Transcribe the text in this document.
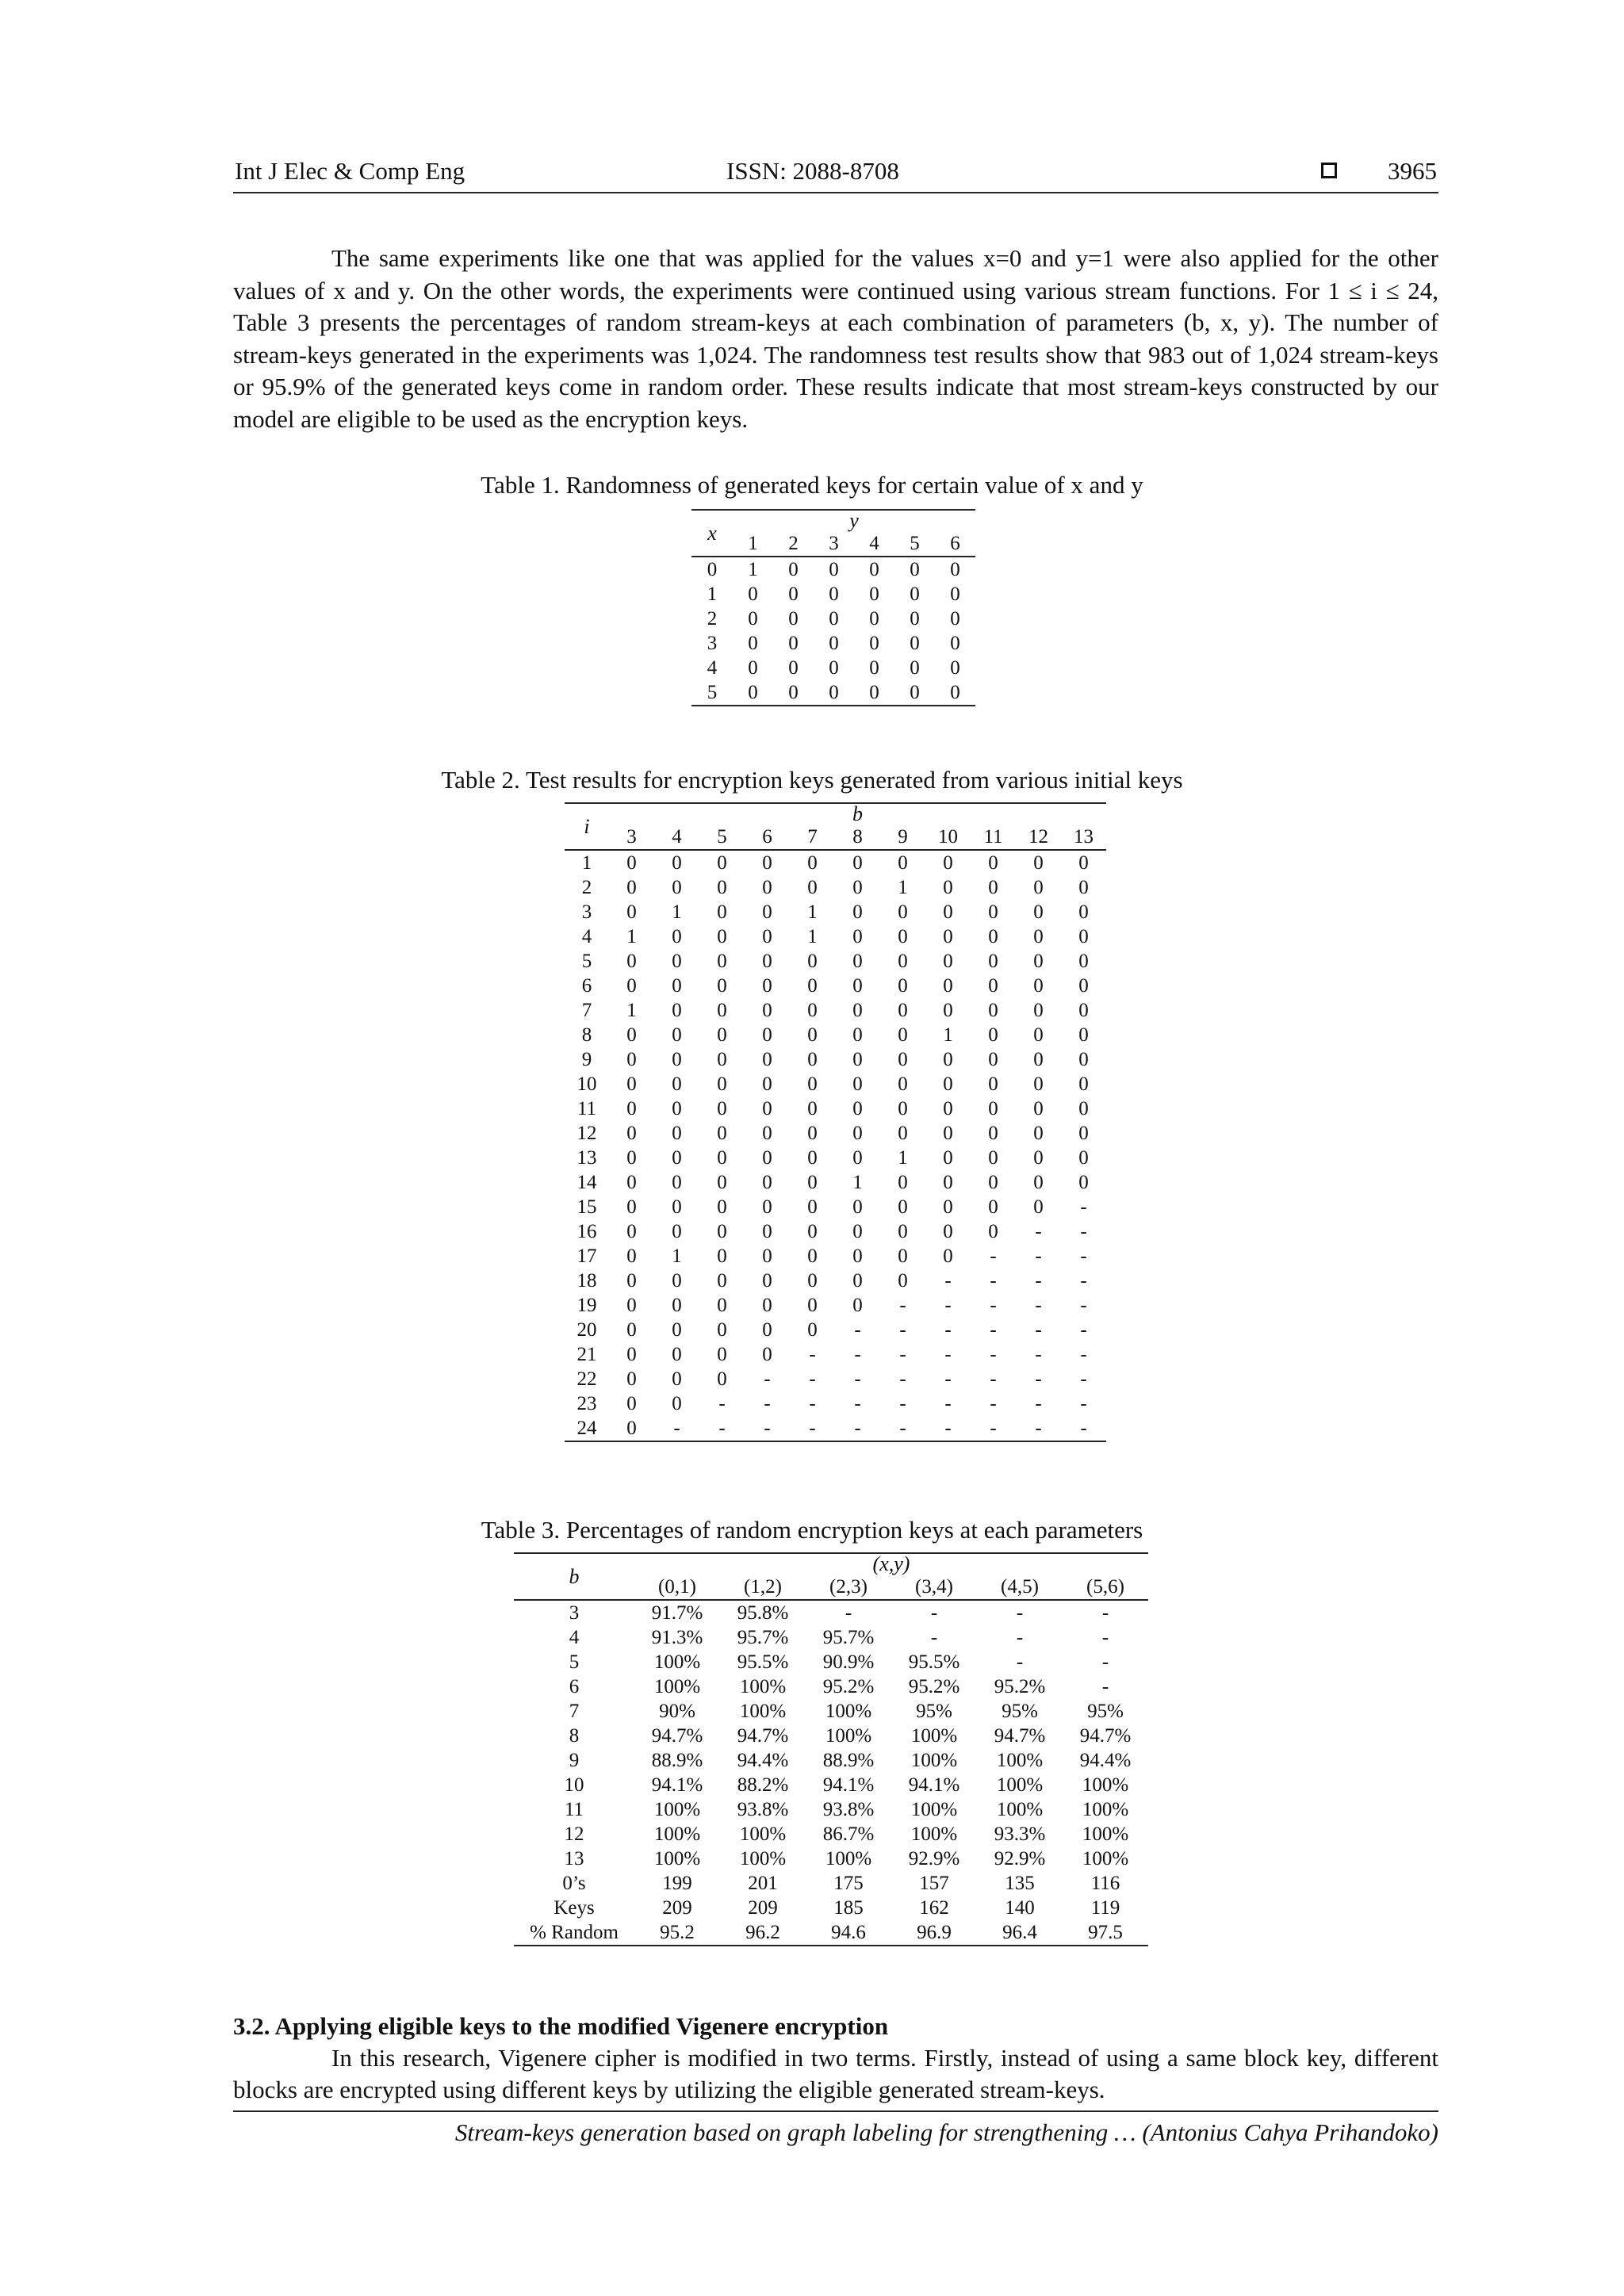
Int J Elec & Comp Eng	ISSN: 2088-8708	3965

The same experiments like one that was applied for the values x=0 and y=1 were also applied for the other values of x and y. On the other words, the experiments were continued using various stream functions. For 1 ≤ i ≤ 24, Table 3 presents the percentages of random stream-keys at each combination of parameters (b, x, y). The number of stream-keys generated in the experiments was 1,024. The randomness test results show that 983 out of 1,024 stream-keys or 95.9% of the generated keys come in random order. These results indicate that most stream-keys constructed by our model are eligible to be used as the encryption keys.

Table 1. Randomness of generated keys for certain value of x and y
x	y					
	1	2	3	4	5	6
0	1	0	0	0	0	0
1	0	0	0	0	0	0
2	0	0	0	0	0	0
3	0	0	0	0	0	0
4	0	0	0	0	0	0
5	0	0	0	0	0	0
Table 2. Test results for encryption keys generated from various initial keys
i	b										
	3	4	5	6	7	8	9	10	11	12	13
1	0	0	0	0	0	0	0	0	0	0	0
2	0	0	0	0	0	0	1	0	0	0	0
3	0	1	0	0	1	0	0	0	0	0	0
4	1	0	0	0	1	0	0	0	0	0	0
5	0	0	0	0	0	0	0	0	0	0	0
6	0	0	0	0	0	0	0	0	0	0	0
7	1	0	0	0	0	0	0	0	0	0	0
8	0	0	0	0	0	0	0	1	0	0	0
9	0	0	0	0	0	0	0	0	0	0	0
10	0	0	0	0	0	0	0	0	0	0	0
11	0	0	0	0	0	0	0	0	0	0	0
12	0	0	0	0	0	0	0	0	0	0	0
13	0	0	0	0	0	0	1	0	0	0	0
14	0	0	0	0	0	1	0	0	0	0	0
15	0	0	0	0	0	0	0	0	0	0	-
16	0	0	0	0	0	0	0	0	0	-	-
17	0	1	0	0	0	0	0	0	-	-	-
18	0	0	0	0	0	0	0	-	-	-	-
19	0	0	0	0	0	0	-	-	-	-	-
20	0	0	0	0	0	-	-	-	-	-	-
21	0	0	0	0	-	-	-	-	-	-	-
22	0	0	0	-	-	-	-	-	-	-	-
23	0	0	-	-	-	-	-	-	-	-	-
24	0	-	-	-	-	-	-	-	-	-	-
Table 3. Percentages of random encryption keys at each parameters
b	(x,y)					
	(0,1)	(1,2)	(2,3)	(3,4)	(4,5)	(5,6)
3	91.7%	95.8%	-	-	-	-
4	91.3%	95.7%	95.7%	-	-	-
5	100%	95.5%	90.9%	95.5%	-	-
6	100%	100%	95.2%	95.2%	95.2%	-
7	90%	100%	100%	95%	95%	95%
8	94.7%	94.7%	100%	100%	94.7%	94.7%
9	88.9%	94.4%	88.9%	100%	100%	94.4%
10	94.1%	88.2%	94.1%	94.1%	100%	100%
11	100%	93.8%	93.8%	100%	100%	100%
12	100%	100%	86.7%	100%	93.3%	100%
13	100%	100%	100%	92.9%	92.9%	100%
0’s	199	201	175	157	135	116
Keys	209	209	185	162	140	119
% Random	95.2	96.2	94.6	96.9	96.4	97.5
3.2. Applying eligible keys to the modified Vigenere encryption

In this research, Vigenere cipher is modified in two terms. Firstly, instead of using a same block key, different blocks are encrypted using different keys by utilizing the eligible generated stream-keys.

Stream-keys generation based on graph labeling for strengthening … (Antonius Cahya Prihandoko)
